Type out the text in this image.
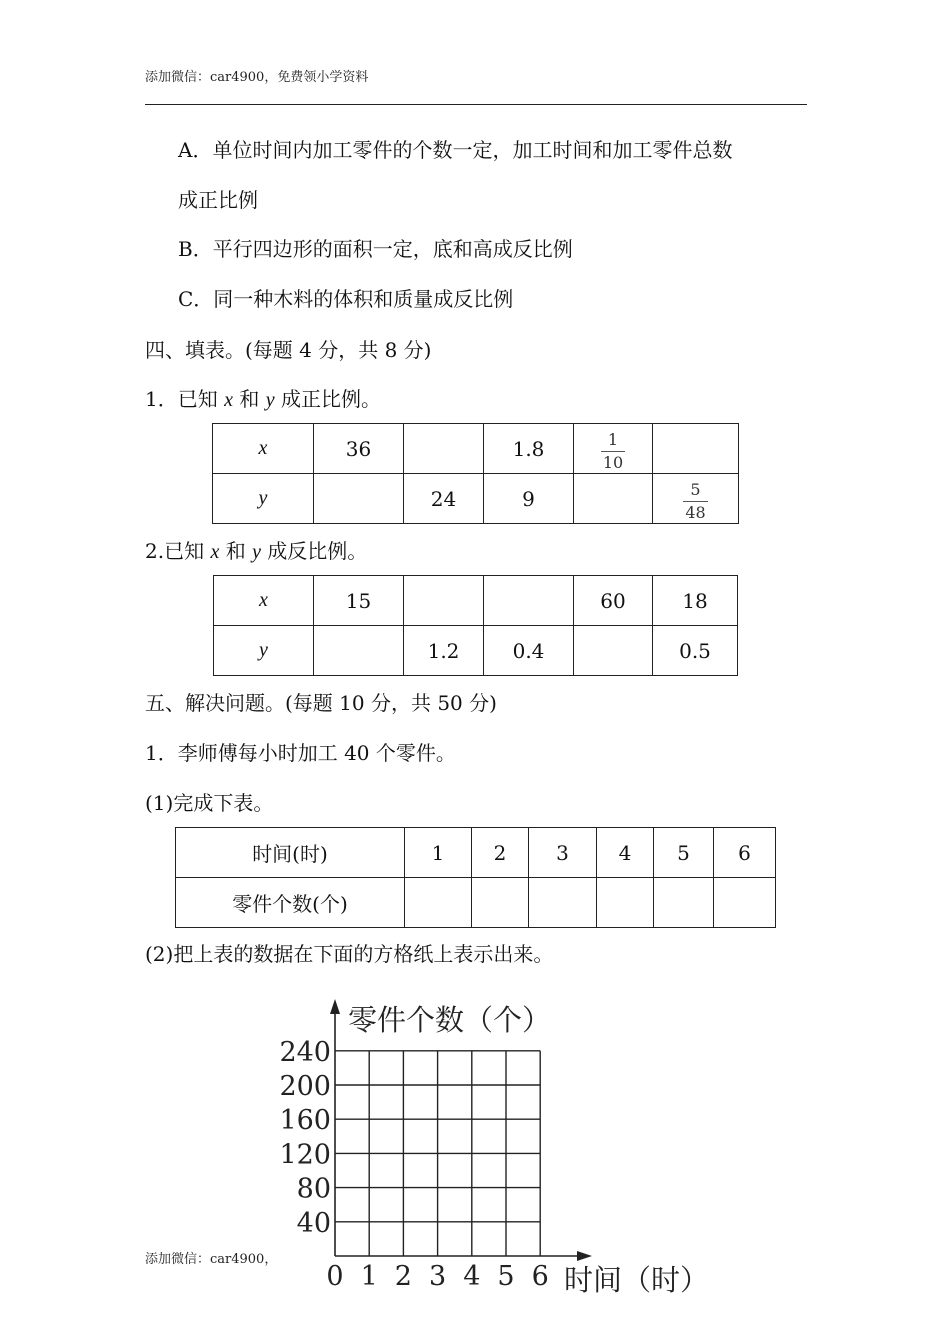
添加微信：car4900，免费领小学资料
A．单位时间内加工零件的个数一定，加工时间和加工零件总数
成正比例
B．平行四边形的面积一定，底和高成反比例
C．同一种木料的体积和质量成反比例
四、填表。(每题 4 分，共 8 分)
1．已知 x 和 y 成正比例。
x	36		1.8	$\frac{1}{10}$

y		24	9		$\frac{5}{48}$
2.已知 x 和 y 成反比例。
x	15			60	18
y		1.2	0.4		0.5
五、解决问题。(每题 10 分，共 50 分)
1．李师傅每小时加工 40 个零件。
(1)完成下表。
时间(时)	1	2	3	4	5	6
零件个数(个)						
(2)把上表的数据在下面的方格纸上表示出来。
40
80
120
160
200
240
0 1 2 3 4 5 6
零件个数（个）
时间（时）
添加微信：car4900，
